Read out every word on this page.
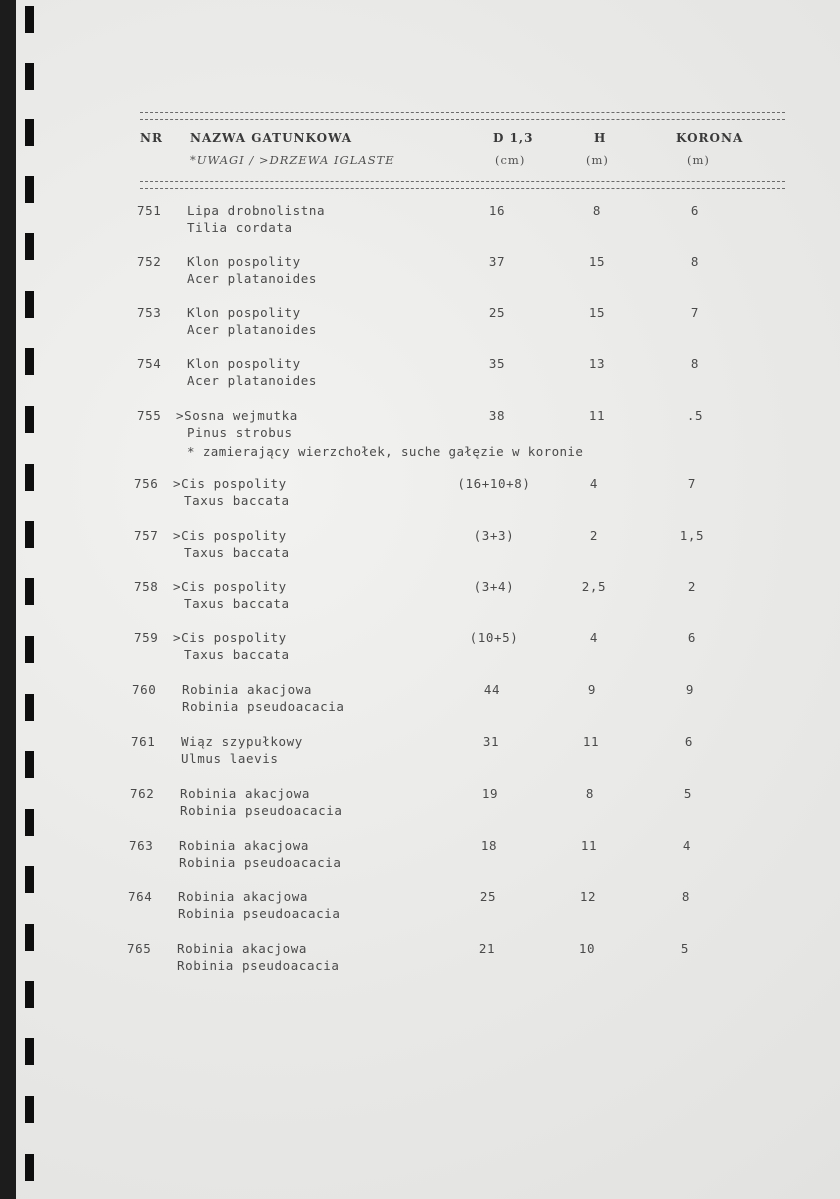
NR NAZWA GATUNKOWA	D 1,3	H	KORONA
*UWAGI / >DRZEWA IGLASTE	(cm)	(m)	(m)
751 Lipa drobnolistna
Tilia cordata
16	8	6
752 Klon pospolity
Acer platanoides
37	15	8
753 Klon pospolity
Acer platanoides
25	15	7
754 Klon pospolity
Acer platanoides
35	13	8
755 >Sosna wejmutka
Pinus strobus
38	11	.5
* zamierający wierzchołek, suche gałęzie w koronie
756 >Cis pospolity
Taxus baccata
(16+10+8)	4	7
757 >Cis pospolity
Taxus baccata
(3+3)	2	1,5
758 >Cis pospolity
Taxus baccata
(3+4)	2,5	2
759 >Cis pospolity
Taxus baccata
(10+5)	4	6
760 Robinia akacjowa
Robinia pseudoacacia
44	9	9
761 Wiąz szypułkowy
Ulmus laevis
31	11	6
762 Robinia akacjowa
Robinia pseudoacacia
19	8	5
763 Robinia akacjowa
Robinia pseudoacacia
18	11	4
764 Robinia akacjowa
Robinia pseudoacacia
25	12	8
765 Robinia akacjowa
Robinia pseudoacacia
21	10	5
